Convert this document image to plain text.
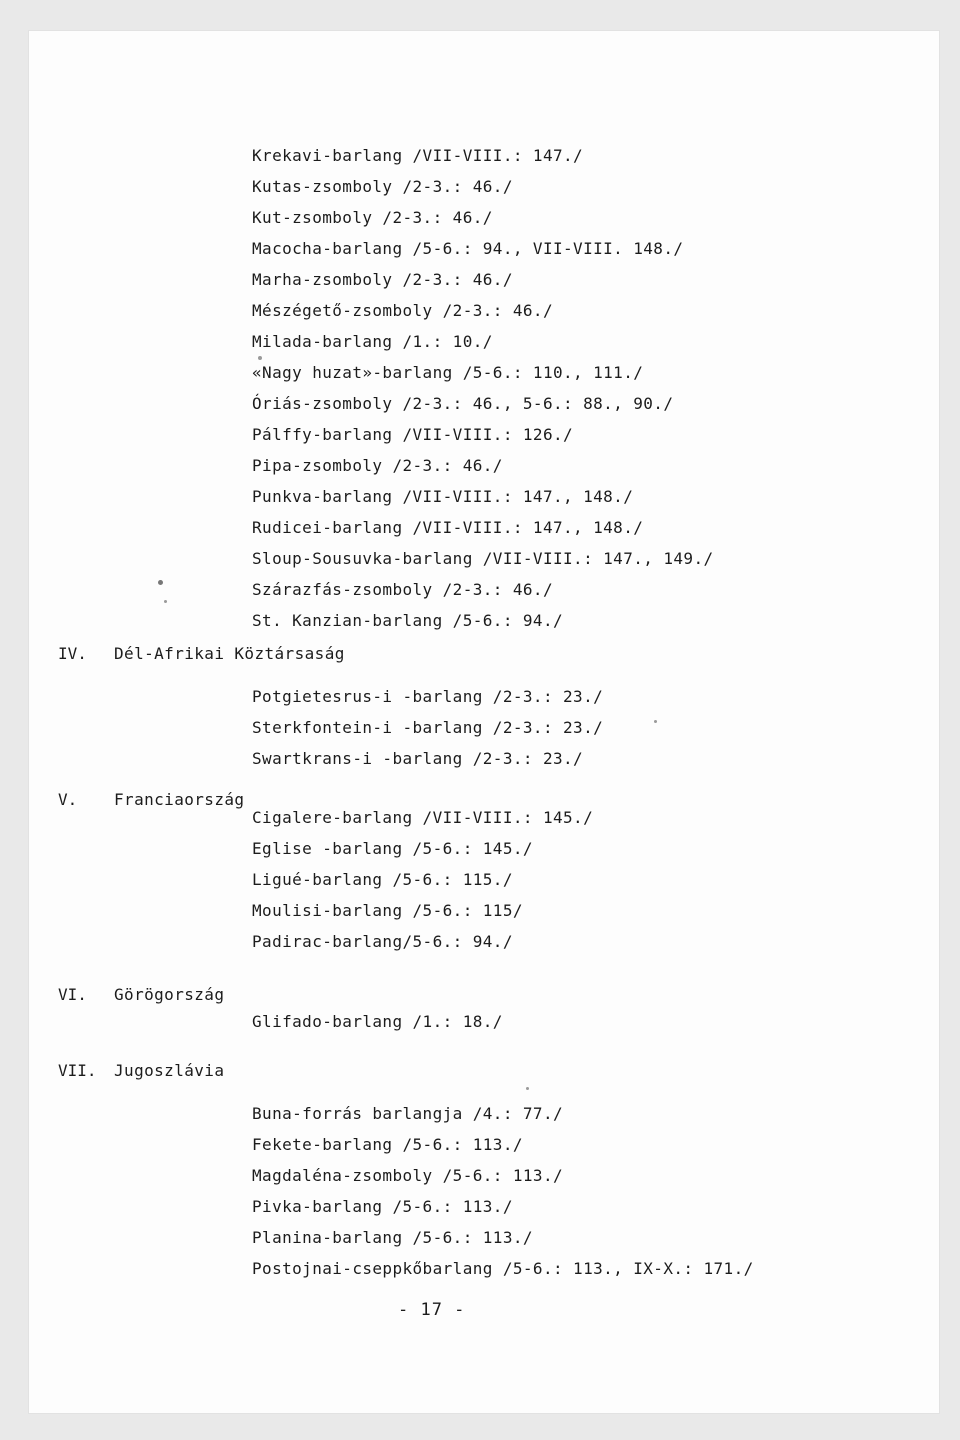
Krekavi-barlang /VII-VIII.: 147./
Kutas-zsomboly /2-3.: 46./
Kut-zsomboly /2-3.: 46./
Macocha-barlang /5-6.: 94., VII-VIII. 148./
Marha-zsomboly /2-3.: 46./
Mészégető-zsomboly /2-3.: 46./
Milada-barlang /1.: 10./
«Nagy huzat»-barlang /5-6.: 110., 111./
Óriás-zsomboly /2-3.: 46., 5-6.: 88., 90./
Pálffy-barlang /VII-VIII.: 126./
Pipa-zsomboly /2-3.: 46./
Punkva-barlang /VII-VIII.: 147., 148./
Rudicei-barlang /VII-VIII.: 147., 148./
Sloup-Sousuvka-barlang /VII-VIII.: 147., 149./
Szárazfás-zsomboly /2-3.: 46./
St. Kanzian-barlang /5-6.: 94./
IV. Dél-Afrikai Köztársaság
Potgietesrus-i -barlang /2-3.: 23./
Sterkfontein-i -barlang /2-3.: 23./
Swartkrans-i -barlang /2-3.: 23./
V. Franciaország
Cigalere-barlang /VII-VIII.: 145./
Eglise -barlang /5-6.: 145./
Ligué-barlang /5-6.: 115./
Moulisi-barlang /5-6.: 115/
Padirac-barlang/5-6.: 94./
VI. Görögország
Glifado-barlang /1.: 18./
VII. Jugoszlávia
Buna-forrás barlangja /4.: 77./
Fekete-barlang /5-6.: 113./
Magdaléna-zsomboly /5-6.: 113./
Pivka-barlang /5-6.: 113./
Planina-barlang /5-6.: 113./
Postojnai-cseppkőbarlang /5-6.: 113., IX-X.: 171./
- 17 -
